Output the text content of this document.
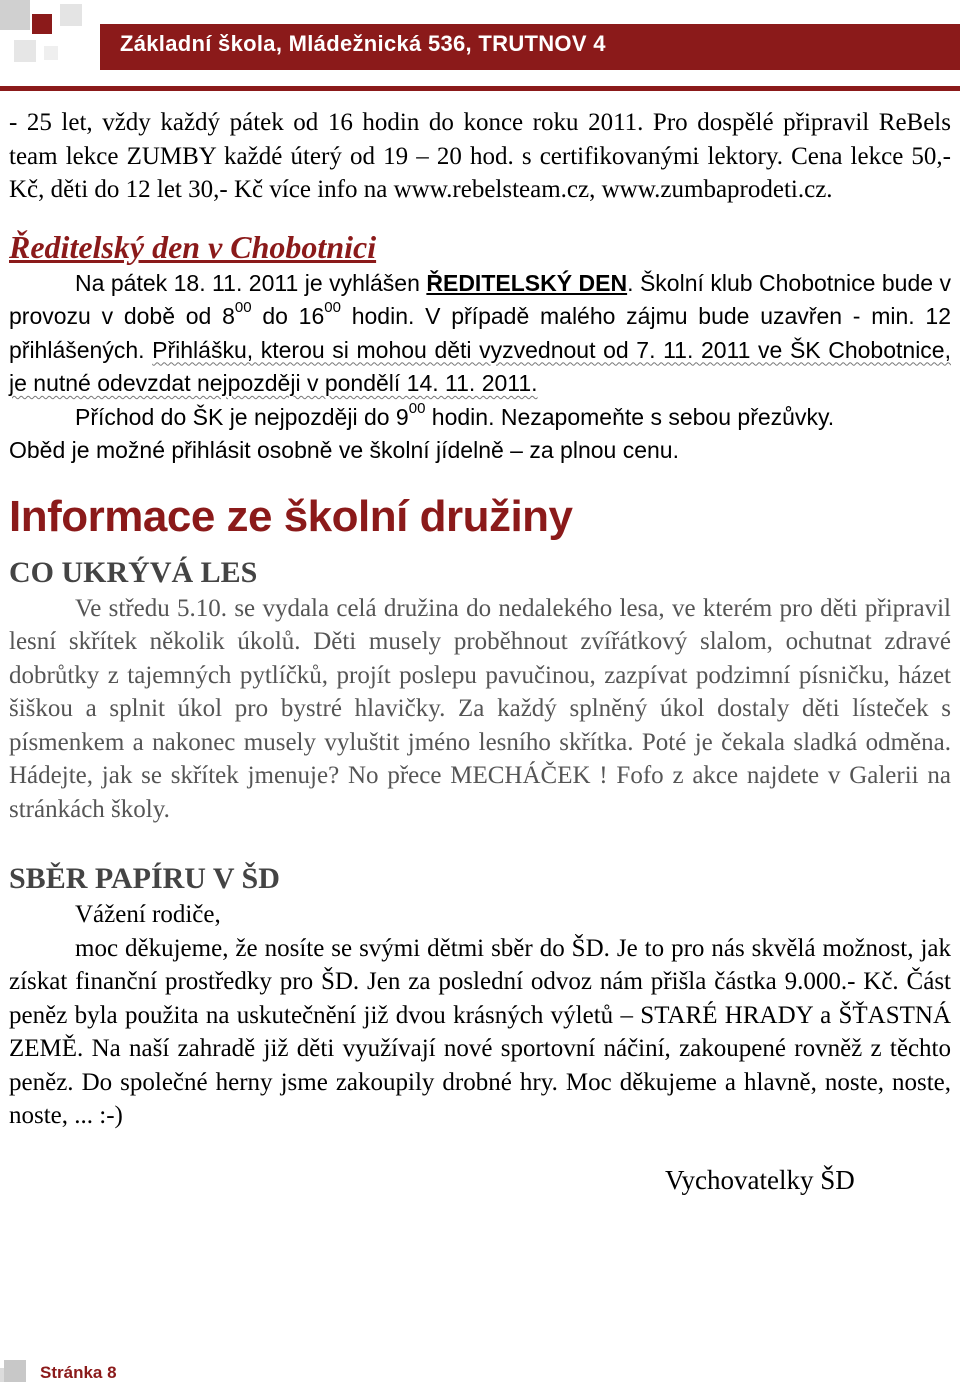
Základní škola, Mládežnická 536, TRUTNOV 4

- 25 let, vždy každý pátek od 16 hodin do konce roku 2011. Pro dospělé připravil ReBels team lekce ZUMBY každé úterý od 19 – 20 hod. s certifikovanými lektory. Cena lekce 50,- Kč, děti do 12 let 30,- Kč více info na www.rebelsteam.cz, www.zumbaprodeti.cz.

Ředitelský den v Chobotnici

Na pátek 18. 11. 2011 je vyhlášen ŘEDITELSKÝ DEN. Školní klub Chobotnice bude v provozu v době od $8^{00}$ do $16^{00}$ hodin. V případě malého zájmu bude uzavřen - min. 12 přihlášených. Přihlášku, kterou si mohou děti vyzvednout od 7. 11. 2011 ve ŠK Chobotnice, je nutné odevzdat nejpozději v pondělí 14. 11. 2011.

Příchod do ŠK je nejpozději do $9^{00}$ hodin. Nezapomeňte s sebou přezůvky.

Oběd je možné přihlásit osobně ve školní jídelně – za plnou cenu.

Informace ze školní družiny
CO UKRÝVÁ LES

Ve středu 5.10. se vydala celá družina do nedalekého lesa, ve kterém pro děti připravil lesní skřítek několik úkolů. Děti musely proběhnout zvířátkový slalom, ochutnat zdravé dobrůtky z tajemných pytlíčků, projít poslepu pavučinou, zazpívat podzimní písničku, házet šiškou a splnit úkol pro bystré hlavičky. Za každý splněný úkol dostaly děti lísteček s písmenkem a nakonec musely vyluštit jméno lesního skřítka. Poté je čekala sladká odměna. Hádejte, jak se skřítek jmenuje? No přece MECHÁČEK ! Fofo z akce najdete v Galerii na stránkách školy.

SBĚR PAPÍRU V ŠD

Vážení rodiče,

moc děkujeme, že nosíte se svými dětmi sběr do ŠD. Je to pro nás skvělá možnost, jak získat finanční prostředky pro ŠD. Jen za poslední odvoz nám přišla částka 9.000.- Kč. Část peněz byla použita na uskutečnění již dvou krásných výletů – STARÉ HRADY a ŠŤASTNÁ ZEMĚ. Na naší zahradě již děti využívají nové sportovní náčiní, zakoupené rovněž z těchto peněz. Do společné herny jsme zakoupily drobné hry. Moc děkujeme a hlavně, noste, noste, noste, ... :-)

Vychovatelky ŠD

Stránka 8
